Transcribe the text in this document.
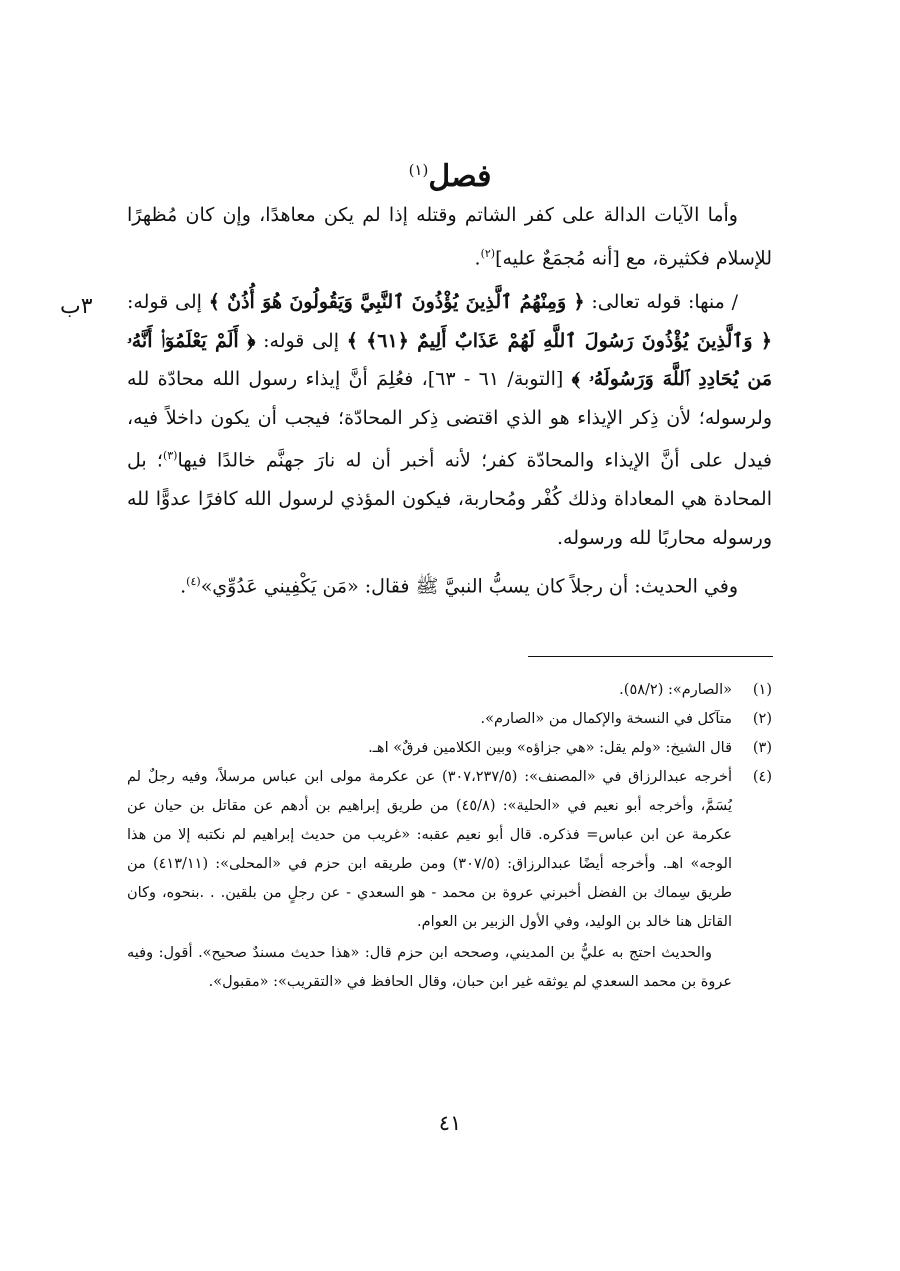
فصل$^{(١)}$
٣ب

وأما الآيات الدالة على كفر الشاتم وقتله إذا لم يكن معاهدًا، وإن كان مُظهرًا للإسلام فكثيرة، مع [أنه مُجمَعٌ عليه]$^{(٢)}$.

/ منها: قوله تعالى: ﴿ وَمِنْهُمُ ٱلَّذِينَ يُؤْذُونَ ٱلنَّبِيَّ وَيَقُولُونَ هُوَ أُذُنٌ ﴾ إلى قوله: ﴿ وَٱلَّذِينَ يُؤْذُونَ رَسُولَ ٱللَّهِ لَهُمْ عَذَابٌ أَلِيمٌ ﴿٦١﴾ ﴾ إلى قوله: ﴿ أَلَمْ يَعْلَمُوٓا۟ أَنَّهُۥ مَن يُحَادِدِ ٱللَّهَ وَرَسُولَهُۥ ﴾ [التوبة/ ٦١ - ٦٣]، فعُلِمَ أنَّ إيذاء رسول الله محادّة لله ولرسوله؛ لأن ذِكر الإيذاء هو الذي اقتضى ذِكر المحادّة؛ فيجب أن يكون داخلاً فيه، فيدل على أنَّ الإيذاء والمحادّة كفر؛ لأنه أخبر أن له نارَ جهنَّم خالدًا فيها$^{(٣)}$؛ بل المحادة هي المعاداة وذلك كُفْر ومُحاربة، فيكون المؤذي لرسول الله كافرًا عدوًّا لله ورسوله محاربًا لله ورسوله.

وفي الحديث: أن رجلاً كان يسبُّ النبيَّ ﷺ فقال: «مَن يَكْفِيني عَدُوِّي»$^{(٤)}$.

(١)
«الصارم»: (٥٨/٢).
(٢)
متآكل في النسخة والإكمال من «الصارم».
(٣)
قال الشيخ: «ولم يقل: «هي جزاؤه» وبين الكلامين فرقٌ» اهـ.
(٤)
أخرجه عبدالرزاق في «المصنف»: (٣٠٧،٢٣٧/٥) عن عكرمة مولى ابن عباس مرسلاً، وفيه رجلٌ لم يُسَمَّ، وأخرجه أبو نعيم في «الحلية»: (٤٥/٨) من طريق إبراهيم بن أدهم عن مقاتل بن حيان عن عكرمة عن ابن عباس= فذكره. قال أبو نعيم عقبه: «غريب من حديث إبراهيم لم نكتبه إلا من هذا الوجه» اهـ. وأخرجه أيضًا عبدالرزاق: (٣٠٧/٥) ومن طريقه ابن حزم في «المحلى»: (٤١٣/١١) من طريق سِماك بن الفضل أخبرني عروة بن محمد - هو السعدي - عن رجلٍ من بلقين. . .بنحوه، وكان القاتل هنا خالد بن الوليد، وفي الأول الزبير بن العوام.

والحديث احتج به عليُّ بن المديني، وصححه ابن حزم قال: «هذا حديث مسندٌ صحيح». أقول: وفيه عروة بن محمد السعدي لم يوثقه غير ابن حبان، وقال الحافظ في «التقريب»: «مقبول».

٤١
